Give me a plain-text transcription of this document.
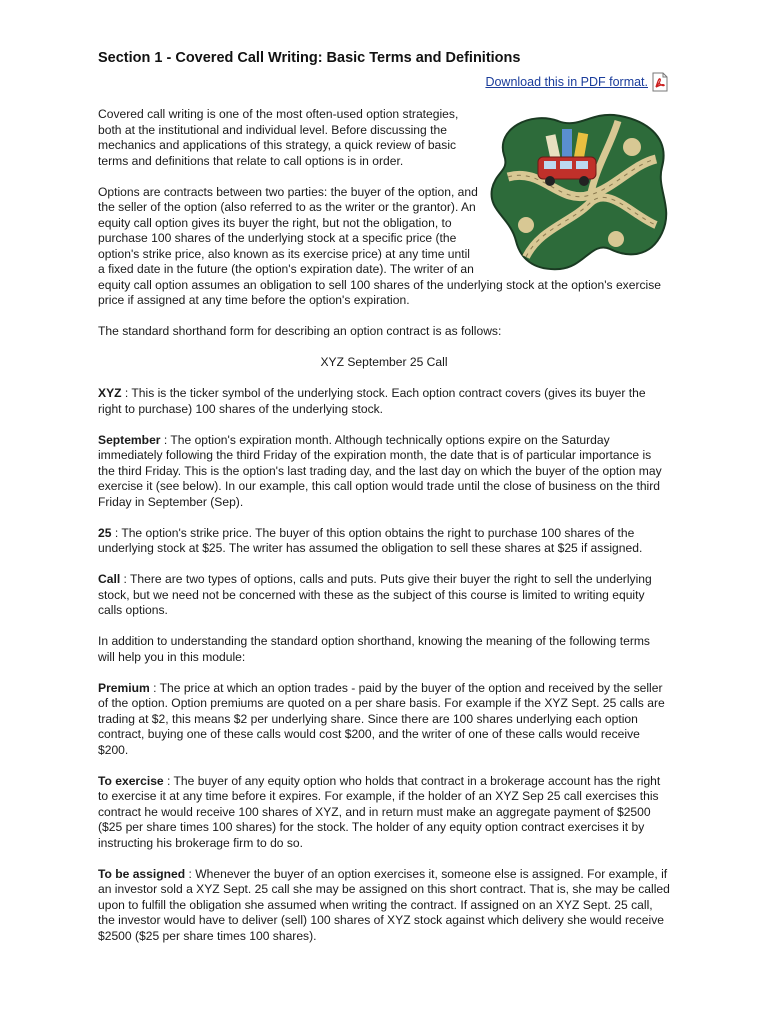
Section 1 - Covered Call Writing: Basic Terms and Definitions
Download this in PDF format.

Covered call writing is one of the most often-used option strategies, both at the institutional and individual level. Before discussing the mechanics and applications of this strategy, a quick review of basic terms and definitions that relate to call options is in order.

Options are contracts between two parties: the buyer of the option, and the seller of the option (also referred to as the writer or the grantor). An equity call option gives its buyer the right, but not the obligation, to purchase 100 shares of the underlying stock at a specific price (the option's strike price, also known as its exercise price) at any time until a fixed date in the future (the option's expiration date). The writer of an equity call option assumes an obligation to sell 100 shares of the underlying stock at the option's exercise price if assigned at any time before the option's expiration.

The standard shorthand form for describing an option contract is as follows:

XYZ September 25 Call

XYZ : This is the ticker symbol of the underlying stock. Each option contract covers (gives its buyer the right to purchase) 100 shares of the underlying stock.

September : The option's expiration month. Although technically options expire on the Saturday immediately following the third Friday of the expiration month, the date that is of particular importance is the third Friday. This is the option's last trading day, and the last day on which the buyer of the option may exercise it (see below). In our example, this call option would trade until the close of business on the third Friday in September (Sep).

25 : The option's strike price. The buyer of this option obtains the right to purchase 100 shares of the underlying stock at $25. The writer has assumed the obligation to sell these shares at $25 if assigned.

Call : There are two types of options, calls and puts. Puts give their buyer the right to sell the underlying stock, but we need not be concerned with these as the subject of this course is limited to writing equity calls options.

In addition to understanding the standard option shorthand, knowing the meaning of the following terms will help you in this module:

Premium : The price at which an option trades - paid by the buyer of the option and received by the seller of the option. Option premiums are quoted on a per share basis. For example if the XYZ Sept. 25 calls are trading at $2, this means $2 per underlying share. Since there are 100 shares underlying each option contract, buying one of these calls would cost $200, and the writer of one of these calls would receive $200.

To exercise : The buyer of any equity option who holds that contract in a brokerage account has the right to exercise it at any time before it expires. For example, if the holder of an XYZ Sep 25 call exercises this contract he would receive 100 shares of XYZ, and in return must make an aggregate payment of $2500 ($25 per share times 100 shares) for the stock. The holder of any equity option contract exercises it by instructing his brokerage firm to do so.

To be assigned : Whenever the buyer of an option exercises it, someone else is assigned. For example, if an investor sold a XYZ Sept. 25 call she may be assigned on this short contract. That is, she may be called upon to fulfill the obligation she assumed when writing the contract. If assigned on an XYZ Sept. 25 call, the investor would have to deliver (sell) 100 shares of XYZ stock against which delivery she would receive $2500 ($25 per share times 100 shares).
